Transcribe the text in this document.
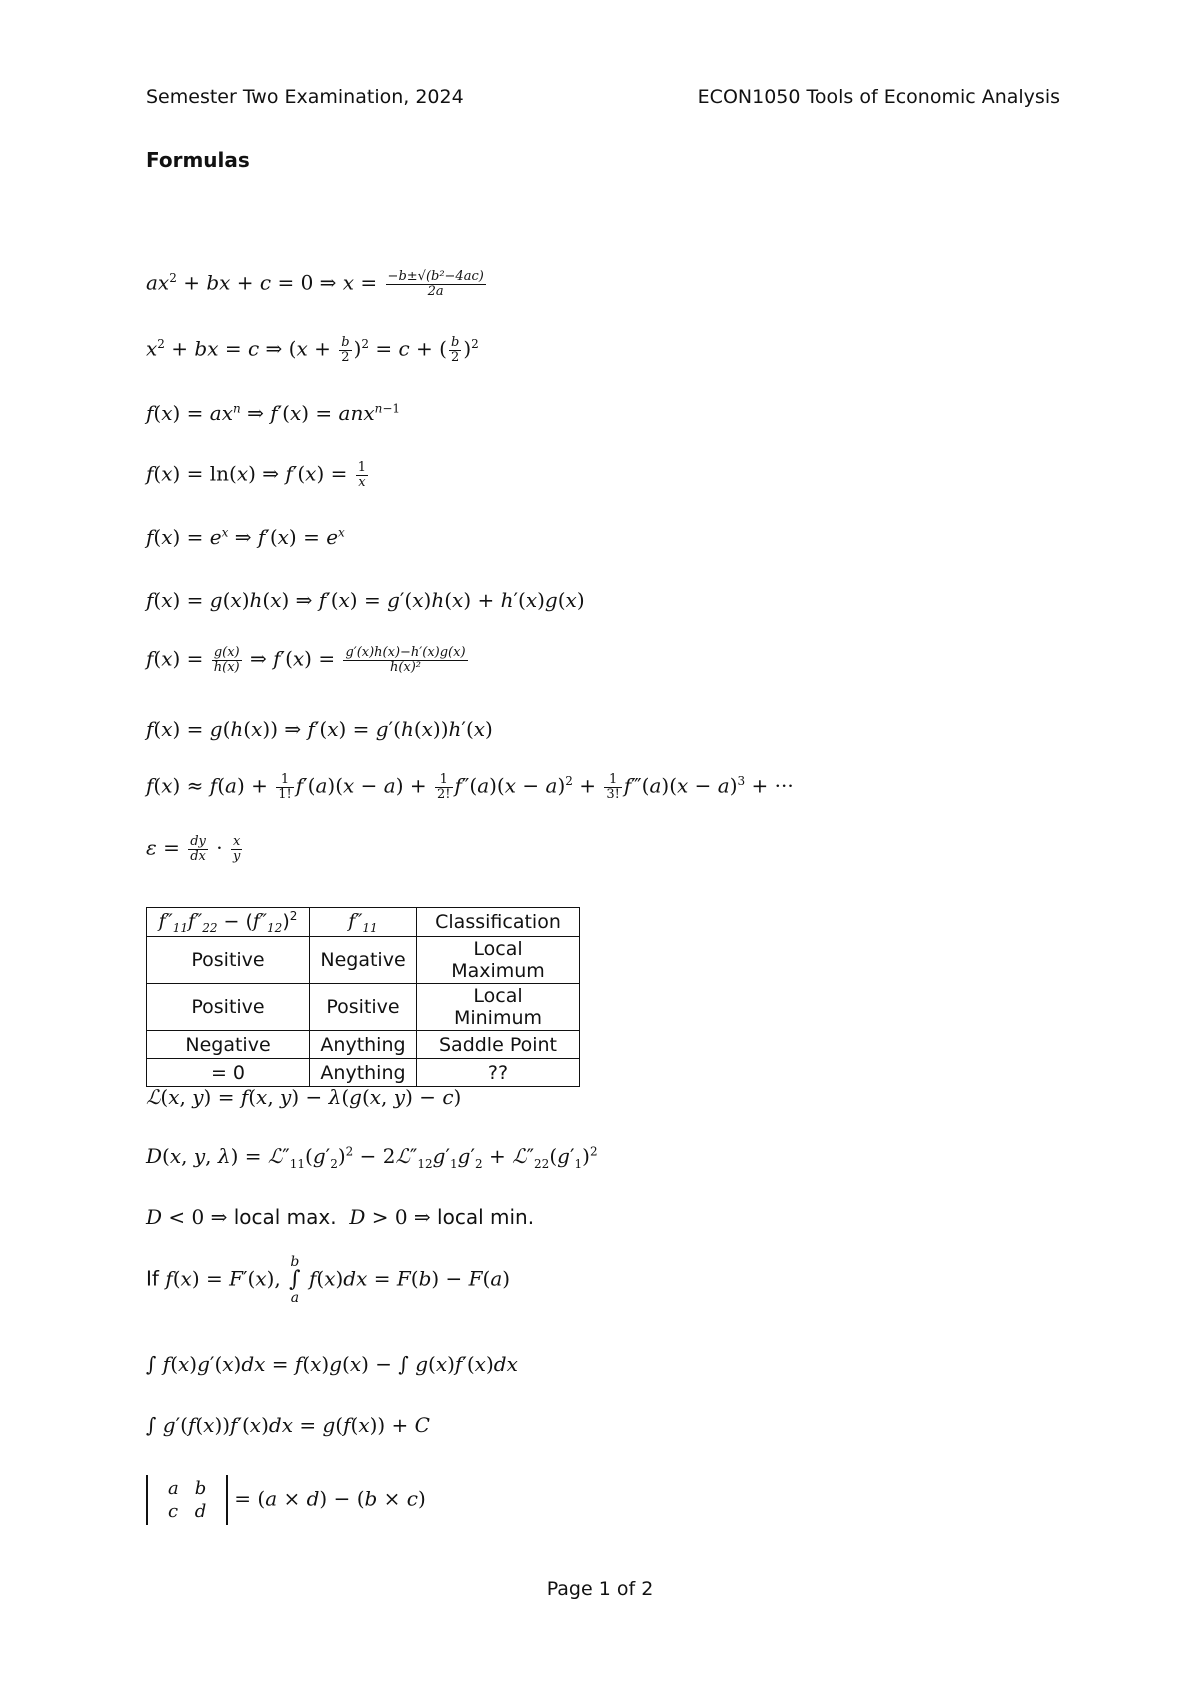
Semester Two Examination, 2024	ECON1050 Tools of Economic Analysis
Formulas
$ax^2$ + bx + c = 0 ⇒ $x = \frac{\text{−b±√(b²−4ac)}}{2a}$
$x^2$ + bx = c ⇒ $(x + \frac{b}{2} )^2 = c$ + ( $\frac{b}{2} )^2$
$f(x) = ax^n$ ⇒ f′(x) = anx$^{n-1}$
f(x) = ln(x) ⇒ $f'(x) = \frac{1}{x}$
$f(x) = e^x$ ⇒ $f'(x) = e^x$
f(x) = g(x)h(x) ⇒ f′(x) = g′(x)h(x) + h′(x)g(x)
$f(x) = \frac{g(x)}{h(x)}$ ⇒ $f'(x) = \frac{g'(x)h(x)-h'(x)g(x)}{\text{h(x)²}}$
f(x) = g(h(x)) ⇒ f′(x) = g′(h(x))h′(x)
$f(x) \approx f(a) + \frac{1}{1!} f'(a)(x - a) + \frac{1}{2!} f''(a)(x - a)^2 + \frac{1}{3!}$ f‴(a)(x − a)$^3$ + ···
$\varepsilon = \frac{dy}{dx} \cdot \frac{x}{y}$
$f''_{11}f''_{22} - (f''_{12})^2$	$f''_{11}$	Classification
Positive	Negative	Local Maximum
Positive	Positive	Local Minimum
Negative	Anything	Saddle Point
= 0	Anything	??
ℒ(x, y) = f(x, y) − λ(g(x, y) − c)
D(x, y, $\lambda) = ℒ''_{11}(g'_2)^2$ − $2ℒ''_{12}g'_1g'_2$ + $ℒ''_{22}(g'_1)^2$
D < 0 ⇒ local max. D > 0 ⇒ local min.
If f(x) = F′(x), b
∫
a f(x)dx = F(b) − F(a)
∫ f(x)g′(x)dx = f(x)g(x) − ∫ g(x)f′(x)dx
∫ g′(f(x))f′(x)dx = g(f(x)) + C
a	b
c	d
= (a × d) − (b × c)
Page 1 of 2
